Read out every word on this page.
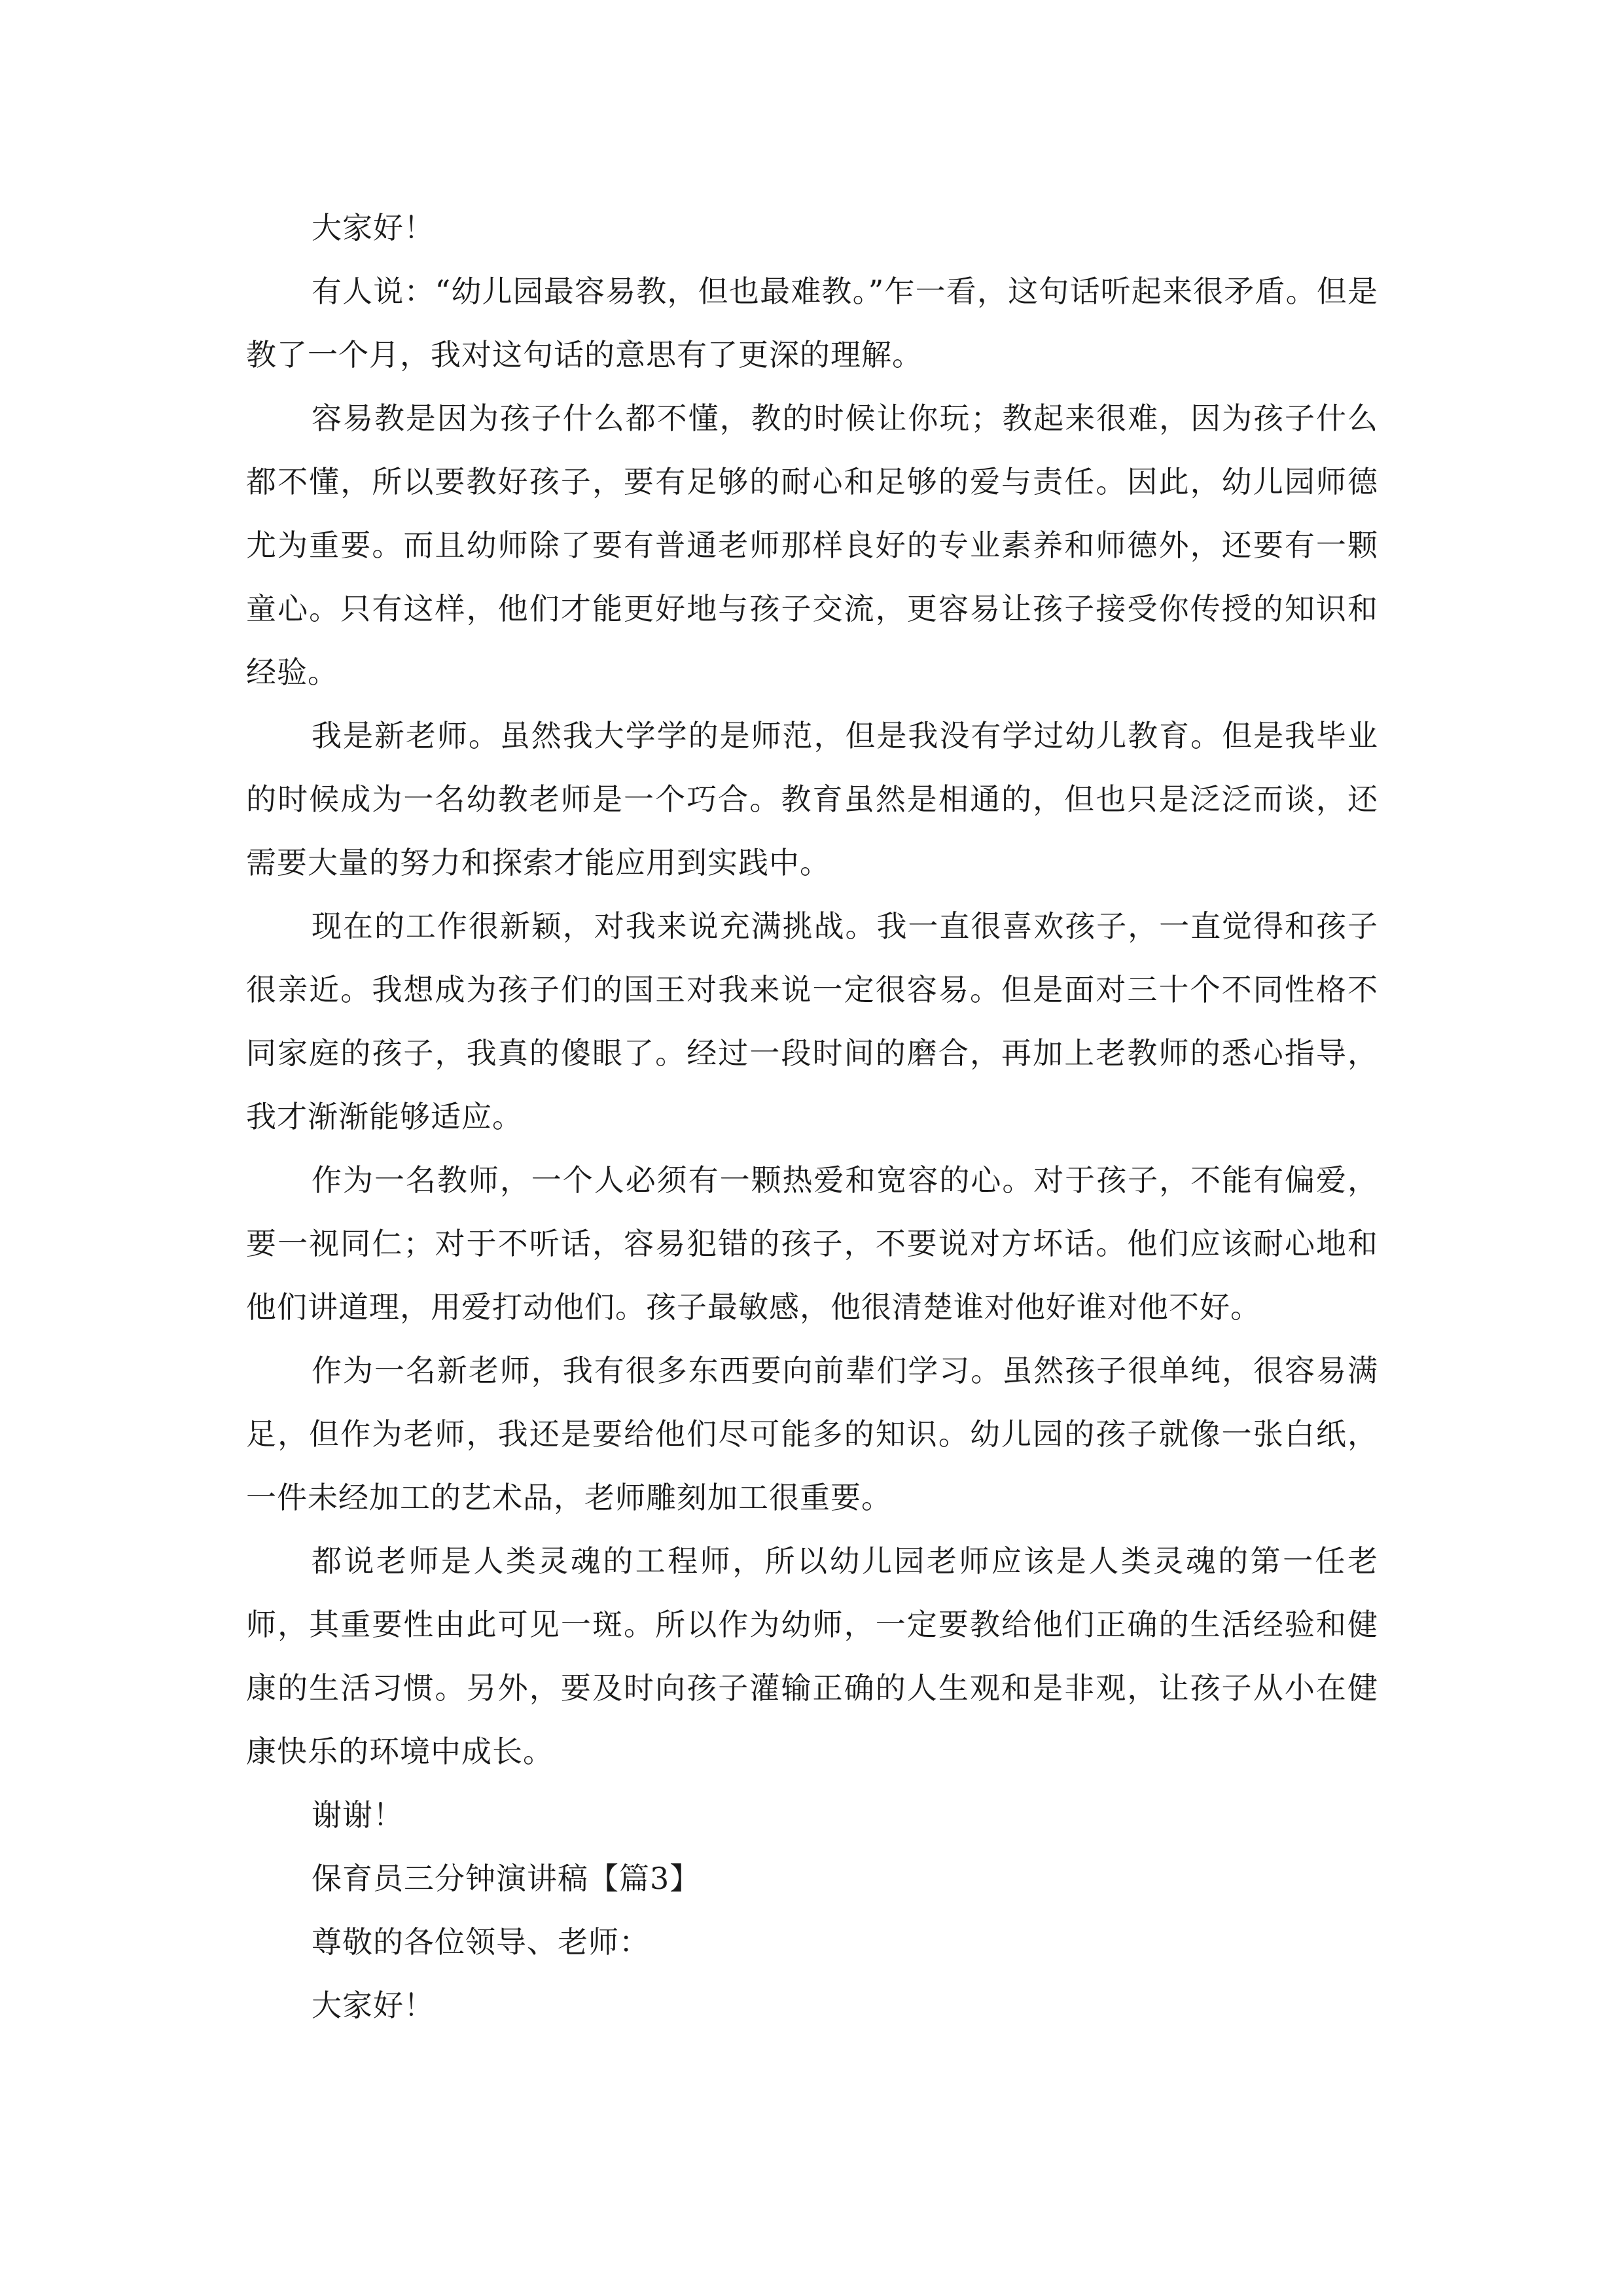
大家好！

有人说：“幼儿园最容易教，但也最难教。”乍一看，这句话听起来很矛盾。但是教了一个月，我对这句话的意思有了更深的理解。

容易教是因为孩子什么都不懂，教的时候让你玩；教起来很难，因为孩子什么都不懂，所以要教好孩子，要有足够的耐心和足够的爱与责任。因此，幼儿园师德尤为重要。而且幼师除了要有普通老师那样良好的专业素养和师德外，还要有一颗童心。只有这样，他们才能更好地与孩子交流，更容易让孩子接受你传授的知识和经验。

我是新老师。虽然我大学学的是师范，但是我没有学过幼儿教育。但是我毕业的时候成为一名幼教老师是一个巧合。教育虽然是相通的，但也只是泛泛而谈，还需要大量的努力和探索才能应用到实践中。

现在的工作很新颖，对我来说充满挑战。我一直很喜欢孩子，一直觉得和孩子很亲近。我想成为孩子们的国王对我来说一定很容易。但是面对三十个不同性格不同家庭的孩子，我真的傻眼了。经过一段时间的磨合，再加上老教师的悉心指导，我才渐渐能够适应。

作为一名教师，一个人必须有一颗热爱和宽容的心。对于孩子，不能有偏爱，要一视同仁；对于不听话，容易犯错的孩子，不要说对方坏话。他们应该耐心地和他们讲道理，用爱打动他们。孩子最敏感，他很清楚谁对他好谁对他不好。

作为一名新老师，我有很多东西要向前辈们学习。虽然孩子很单纯，很容易满足，但作为老师，我还是要给他们尽可能多的知识。幼儿园的孩子就像一张白纸，一件未经加工的艺术品，老师雕刻加工很重要。

都说老师是人类灵魂的工程师，所以幼儿园老师应该是人类灵魂的第一任老师，其重要性由此可见一斑。所以作为幼师，一定要教给他们正确的生活经验和健康的生活习惯。另外，要及时向孩子灌输正确的人生观和是非观，让孩子从小在健康快乐的环境中成长。

谢谢！

保育员三分钟演讲稿【篇3】

尊敬的各位领导、老师：

大家好！
